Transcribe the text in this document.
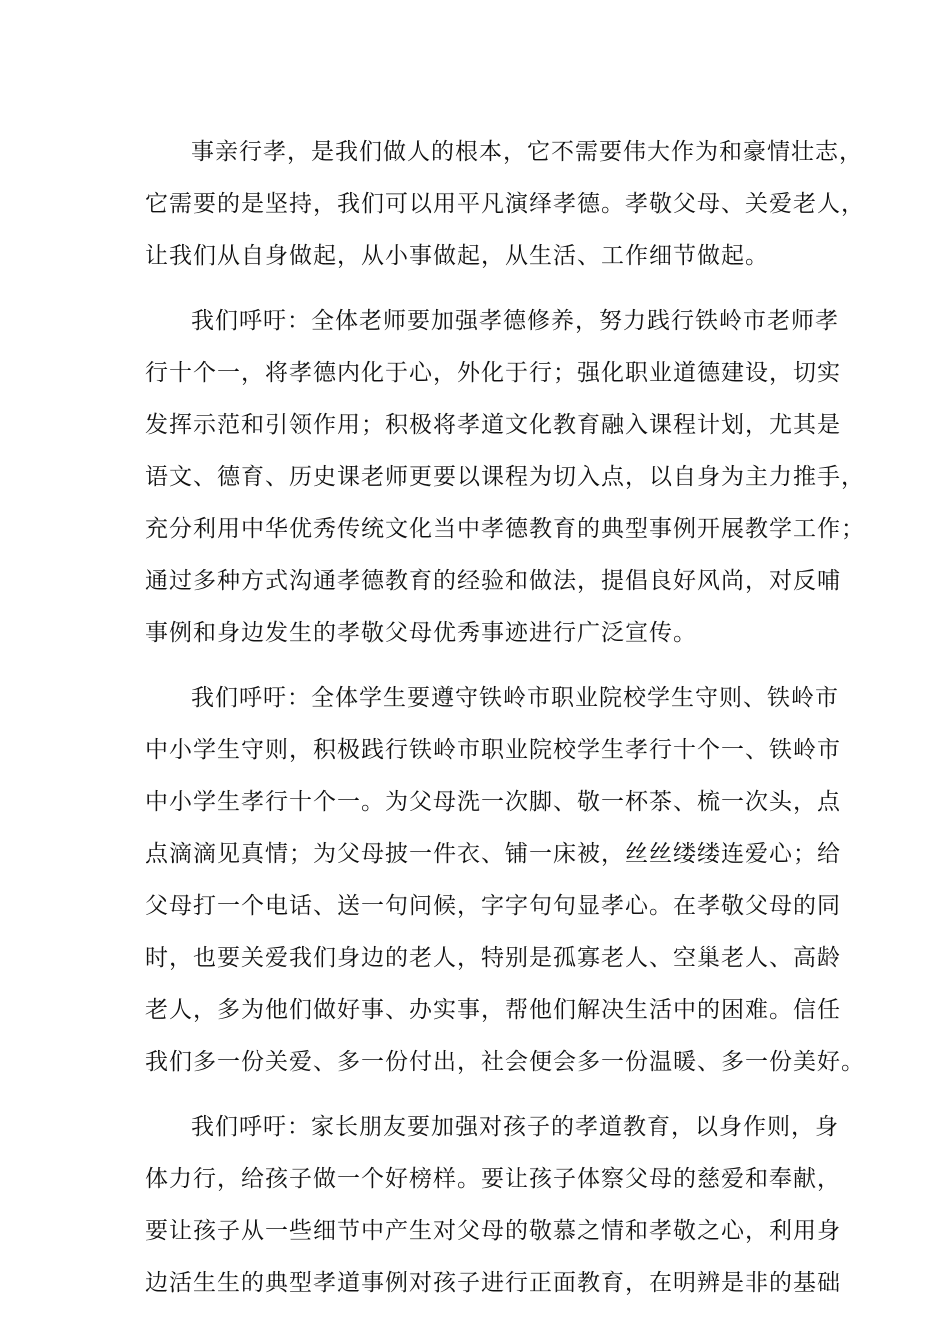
事亲行孝，是我们做人的根本，它不需要伟大作为和豪情壮志，
它需要的是坚持，我们可以用平凡演绎孝德。孝敬父母、关爱老人，
让我们从自身做起，从小事做起，从生活、工作细节做起。
我们呼吁：全体老师要加强孝德修养，努力践行铁岭市老师孝
行十个一，将孝德内化于心，外化于行；强化职业道德建设，切实
发挥示范和引领作用；积极将孝道文化教育融入课程计划，尤其是
语文、德育、历史课老师更要以课程为切入点，以自身为主力推手，
充分利用中华优秀传统文化当中孝德教育的典型事例开展教学工作；
通过多种方式沟通孝德教育的经验和做法，提倡良好风尚，对反哺
事例和身边发生的孝敬父母优秀事迹进行广泛宣传。
我们呼吁：全体学生要遵守铁岭市职业院校学生守则、铁岭市
中小学生守则，积极践行铁岭市职业院校学生孝行十个一、铁岭市
中小学生孝行十个一。为父母洗一次脚、敬一杯茶、梳一次头，点
点滴滴见真情；为父母披一件衣、铺一床被，丝丝缕缕连爱心；给
父母打一个电话、送一句问候，字字句句显孝心。在孝敬父母的同
时，也要关爱我们身边的老人，特别是孤寡老人、空巢老人、高龄
老人，多为他们做好事、办实事，帮他们解决生活中的困难。信任
我们多一份关爱、多一份付出，社会便会多一份温暖、多一份美好。
我们呼吁：家长朋友要加强对孩子的孝道教育，以身作则，身
体力行，给孩子做一个好榜样。要让孩子体察父母的慈爱和奉献，
要让孩子从一些细节中产生对父母的敬慕之情和孝敬之心，利用身
边活生生的典型孝道事例对孩子进行正面教育，在明辨是非的基础
